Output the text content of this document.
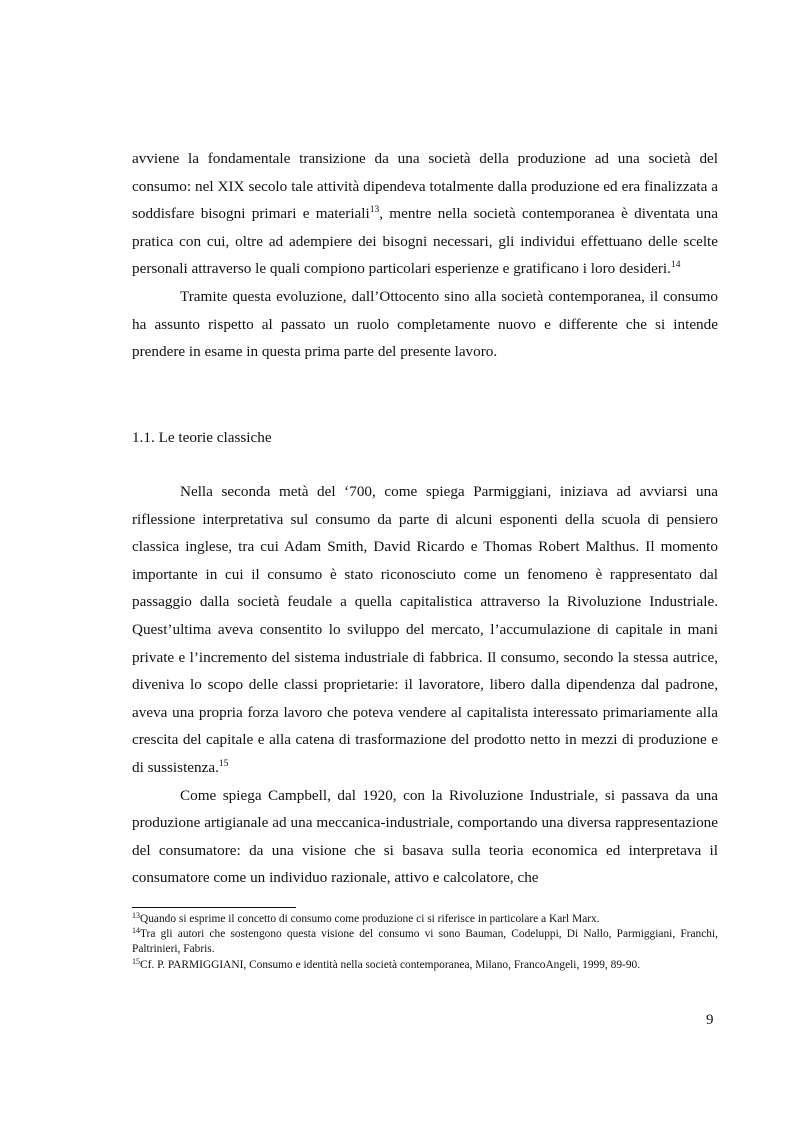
avviene la fondamentale transizione da una società della produzione ad una società del consumo: nel XIX secolo tale attività dipendeva totalmente dalla produzione ed era finalizzata a soddisfare bisogni primari e materiali$^{13}$, mentre nella società contemporanea è diventata una pratica con cui, oltre ad adempiere dei bisogni necessari, gli individui effettuano delle scelte personali attraverso le quali compiono particolari esperienze e gratificano i loro desideri.$^{14}$

Tramite questa evoluzione, dall’Ottocento sino alla società contemporanea, il consumo ha assunto rispetto al passato un ruolo completamente nuovo e differente che si intende prendere in esame in questa prima parte del presente lavoro.

1.1. Le teorie classiche

Nella seconda metà del ‘700, come spiega Parmiggiani, iniziava ad avviarsi una riflessione interpretativa sul consumo da parte di alcuni esponenti della scuola di pensiero classica inglese, tra cui Adam Smith, David Ricardo e Thomas Robert Malthus. Il momento importante in cui il consumo è stato riconosciuto come un fenomeno è rappresentato dal passaggio dalla società feudale a quella capitalistica attraverso la Rivoluzione Industriale. Quest’ultima aveva consentito lo sviluppo del mercato, l’accumulazione di capitale in mani private e l’incremento del sistema industriale di fabbrica. Il consumo, secondo la stessa autrice, diveniva lo scopo delle classi proprietarie: il lavoratore, libero dalla dipendenza dal padrone, aveva una propria forza lavoro che poteva vendere al capitalista interessato primariamente alla crescita del capitale e alla catena di trasformazione del prodotto netto in mezzi di produzione e di sussistenza.$^{15}$

Come spiega Campbell, dal 1920, con la Rivoluzione Industriale, si passava da una produzione artigianale ad una meccanica-industriale, comportando una diversa rappresentazione del consumatore: da una visione che si basava sulla teoria economica ed interpretava il consumatore come un individuo razionale, attivo e calcolatore, che

$^{13}$Quando si esprime il concetto di consumo come produzione ci si riferisce in particolare a Karl Marx.

$^{14}$Tra gli autori che sostengono questa visione del consumo vi sono Bauman, Codeluppi, Di Nallo, Parmiggiani, Franchi, Paltrinieri, Fabris.

$^{15}$Cf. P. PARMIGGIANI, Consumo e identità nella società contemporanea, Milano, FrancoAngeli, 1999, 89-90.

9
